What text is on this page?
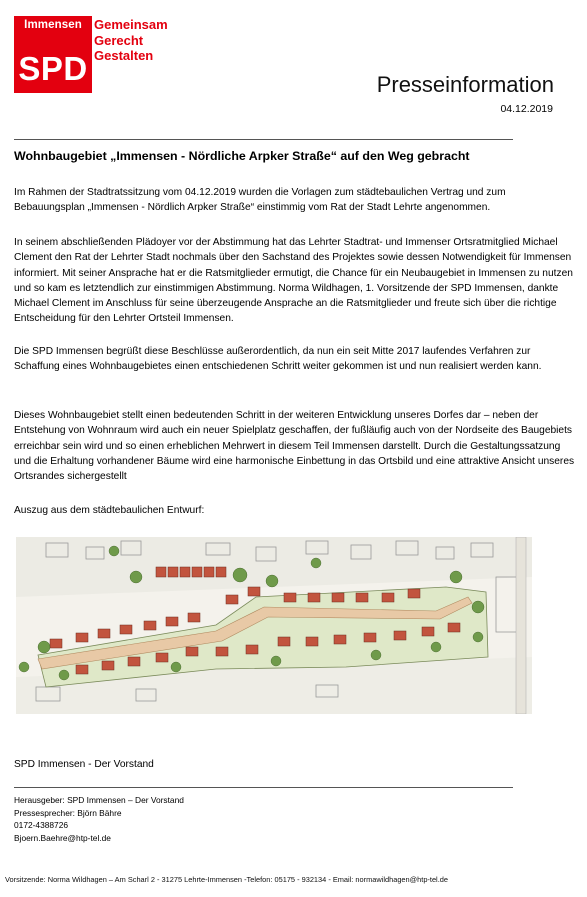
Immensen
SPD
Gemeinsam
Gerecht
Gestalten
Presseinformation
04.12.2019
Wohnbaugebiet „Immensen - Nördliche Arpker Straße“ auf den Weg gebracht
Im Rahmen der Stadtratssitzung vom 04.12.2019 wurden die Vorlagen zum städtebaulichen Vertrag und zum Bebauungsplan „Immensen - Nördlich Arpker Straße“ einstimmig vom Rat der Stadt Lehrte angenommen.
In seinem abschließenden Plädoyer vor der Abstimmung hat das Lehrter Stadtrat- und Immenser Ortsratmitglied Michael Clement den Rat der Lehrter Stadt nochmals über den Sachstand des Projektes sowie dessen Notwendigkeit für Immensen informiert. Mit seiner Ansprache hat er die Ratsmitglieder ermutigt, die Chance für ein Neubaugebiet in Immensen zu nutzen und so kam es letztendlich zur einstimmigen Abstimmung. Norma Wildhagen, 1. Vorsitzende der SPD Immensen, dankte Michael Clement im Anschluss für seine überzeugende Ansprache an die Ratsmitglieder und freute sich über die richtige Entscheidung für den Lehrter Ortsteil Immensen.
Die SPD Immensen begrüßt diese Beschlüsse außerordentlich, da nun ein seit Mitte 2017 laufendes Verfahren zur Schaffung eines Wohnbaugebietes einen entschiedenen Schritt weiter gekommen ist und nun realisiert werden kann.
Dieses Wohnbaugebiet stellt einen bedeutenden Schritt in der weiteren Entwicklung unseres Dorfes dar – neben der Entstehung von Wohnraum wird auch ein neuer Spielplatz geschaffen, der fußläufig auch von der Nordseite des Baugebiets erreichbar sein wird und so einen erheblichen Mehrwert in diesem Teil Immensen darstellt. Durch die Gestaltungssatzung und die Erhaltung vorhandener Bäume wird eine harmonische Einbettung in das Ortsbild und eine attraktive Ansicht unseres Ortsrandes sichergestellt
Auszug aus dem städtebaulichen Entwurf:
SPD Immensen - Der Vorstand
Herausgeber: SPD Immensen – Der Vorstand
Pressesprecher: Björn Bähre
0172-4388726
Bjoern.Baehre@htp-tel.de
Vorsitzende: Norma Wildhagen – Am Scharl 2 - 31275 Lehrte-Immensen -Telefon: 05175 - 932134 - Email: normawildhagen@htp-tel.de
